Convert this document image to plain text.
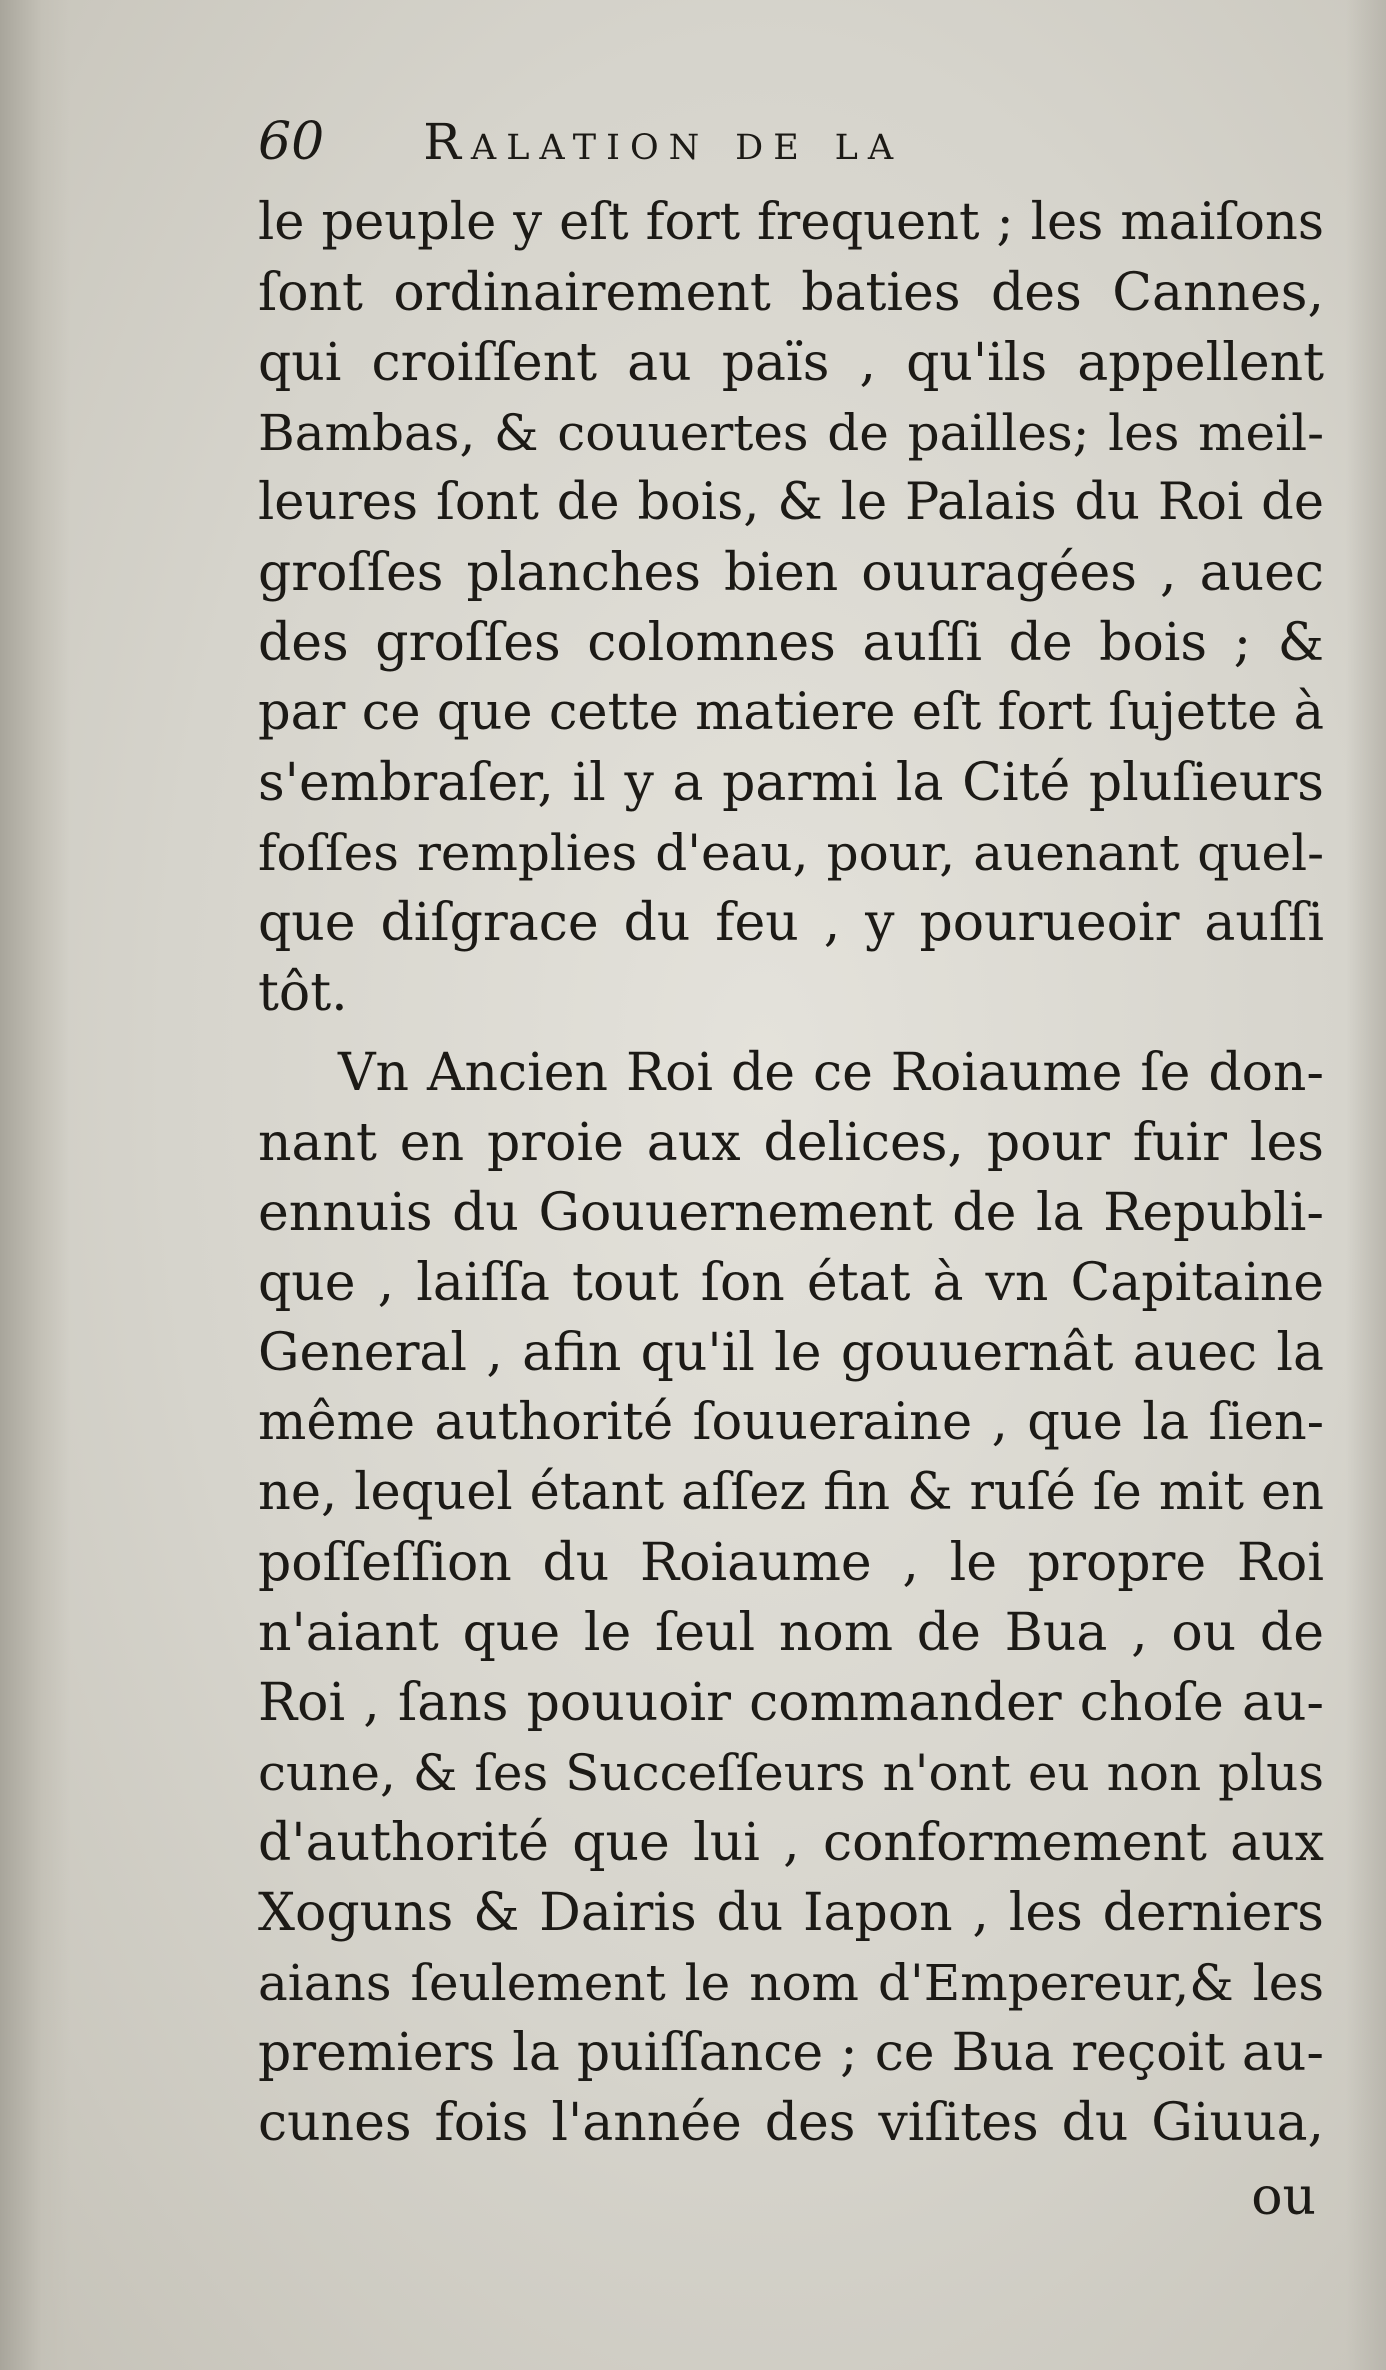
60 Ralation de la
le peuple y eſt fort frequent ; les maiſons
ſont ordinairement baties des Cannes,
qui croiſſent au païs , qu'ils appellent
Bambas, & couuertes de pailles; les meil-
leures ſont de bois, & le Palais du Roi de
groſſes planches bien ouuragées , auec
des groſſes colomnes auſſi de bois ; &
par ce que cette matiere eſt fort ſujette à
s'embraſer, il y a parmi la Cité pluſieurs
foſſes remplies d'eau, pour, auenant quel-
que diſgrace du feu , y pourueoir auſſi
tôt.
Vn Ancien Roi de ce Roiaume ſe don-
nant en proie aux delices, pour fuir les
ennuis du Gouuernement de la Republi-
que , laiſſa tout ſon état à vn Capitaine
General , afin qu'il le gouuernât auec la
même authorité ſouueraine , que la ſien-
ne, lequel étant aſſez fin & ruſé ſe mit en
poſſeſſion du Roiaume , le propre Roi
n'aiant que le ſeul nom de Bua , ou de
Roi , ſans pouuoir commander choſe au-
cune, & ſes Succeſſeurs n'ont eu non plus
d'authorité que lui , conformement aux
Xoguns & Dairis du Iapon , les derniers
aians ſeulement le nom d'Empereur,& les
premiers la puiſſance ; ce Bua reçoit au-
cunes fois l'année des viſites du Giuua,
ou
